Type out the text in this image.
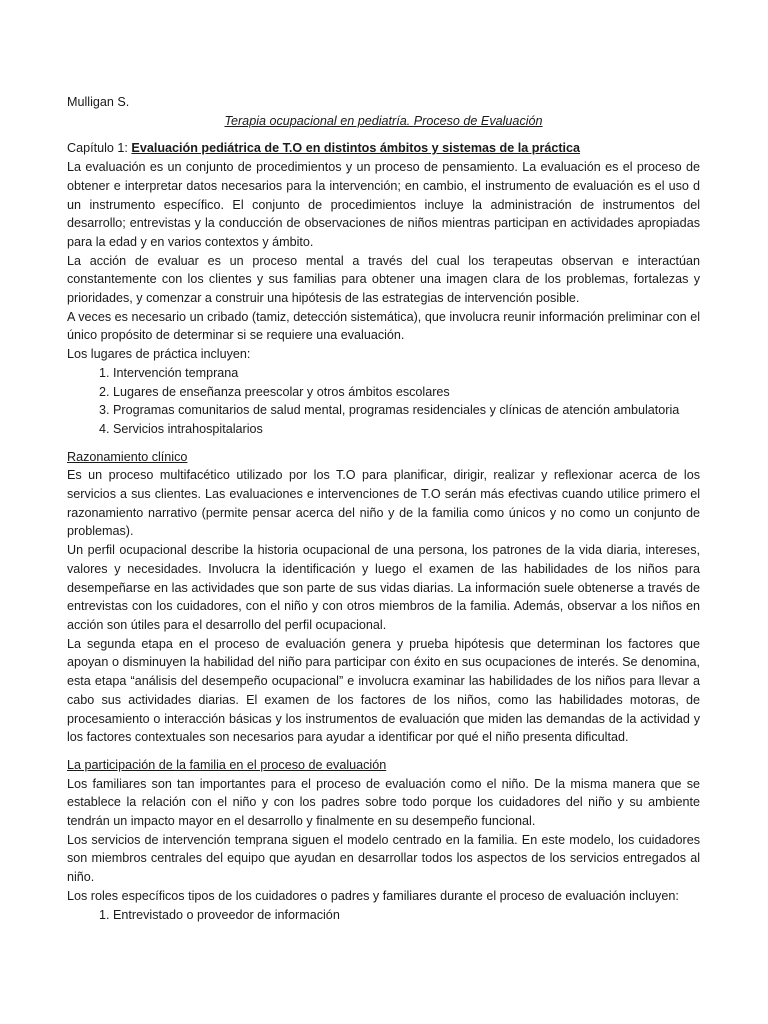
Mulligan S.

Terapia ocupacional en pediatría. Proceso de Evaluación

Capítulo 1: Evaluación pediátrica de T.O en distintos ámbitos y sistemas de la práctica

La evaluación es un conjunto de procedimientos y un proceso de pensamiento. La evaluación es el proceso de obtener e interpretar datos necesarios para la intervención; en cambio, el instrumento de evaluación es el uso d un instrumento específico. El conjunto de procedimientos incluye la administración de instrumentos del desarrollo; entrevistas y la conducción de observaciones de niños mientras participan en actividades apropiadas para la edad y en varios contextos y ámbito.

La acción de evaluar es un proceso mental a través del cual los terapeutas observan e interactúan constantemente con los clientes y sus familias para obtener una imagen clara de los problemas, fortalezas y prioridades, y comenzar a construir una hipótesis de las estrategias de intervención posible.

A veces es necesario un cribado (tamiz, detección sistemática), que involucra reunir información preliminar con el único propósito de determinar si se requiere una evaluación.

Los lugares de práctica incluyen:

1. Intervención temprana
2. Lugares de enseñanza preescolar y otros ámbitos escolares
3. Programas comunitarios de salud mental, programas residenciales y clínicas de atención ambulatoria
4. Servicios intrahospitalarios

Razonamiento clínico

Es un proceso multifacético utilizado por los T.O para planificar, dirigir, realizar y reflexionar acerca de los servicios a sus clientes. Las evaluaciones e intervenciones de T.O serán más efectivas cuando utilice primero el razonamiento narrativo (permite pensar acerca del niño y de la familia como únicos y no como un conjunto de problemas).

Un perfil ocupacional describe la historia ocupacional de una persona, los patrones de la vida diaria, intereses, valores y necesidades. Involucra la identificación y luego el examen de las habilidades de los niños para desempeñarse en las actividades que son parte de sus vidas diarias. La información suele obtenerse a través de entrevistas con los cuidadores, con el niño y con otros miembros de la familia. Además, observar a los niños en acción son útiles para el desarrollo del perfil ocupacional.

La segunda etapa en el proceso de evaluación genera y prueba hipótesis que determinan los factores que apoyan o disminuyen la habilidad del niño para participar con éxito en sus ocupaciones de interés. Se denomina, esta etapa “análisis del desempeño ocupacional” e involucra examinar las habilidades de los niños para llevar a cabo sus actividades diarias. El examen de los factores de los niños, como las habilidades motoras, de procesamiento o interacción básicas y los instrumentos de evaluación que miden las demandas de la actividad y los factores contextuales son necesarios para ayudar a identificar por qué el niño presenta dificultad.

La participación de la familia en el proceso de evaluación

Los familiares son tan importantes para el proceso de evaluación como el niño. De la misma manera que se establece la relación con el niño y con los padres sobre todo porque los cuidadores del niño y su ambiente tendrán un impacto mayor en el desarrollo y finalmente en su desempeño funcional.

Los servicios de intervención temprana siguen el modelo centrado en la familia. En este modelo, los cuidadores son miembros centrales del equipo que ayudan en desarrollar todos los aspectos de los servicios entregados al niño.

Los roles específicos tipos de los cuidadores o padres y familiares durante el proceso de evaluación incluyen:

1. Entrevistado o proveedor de información
